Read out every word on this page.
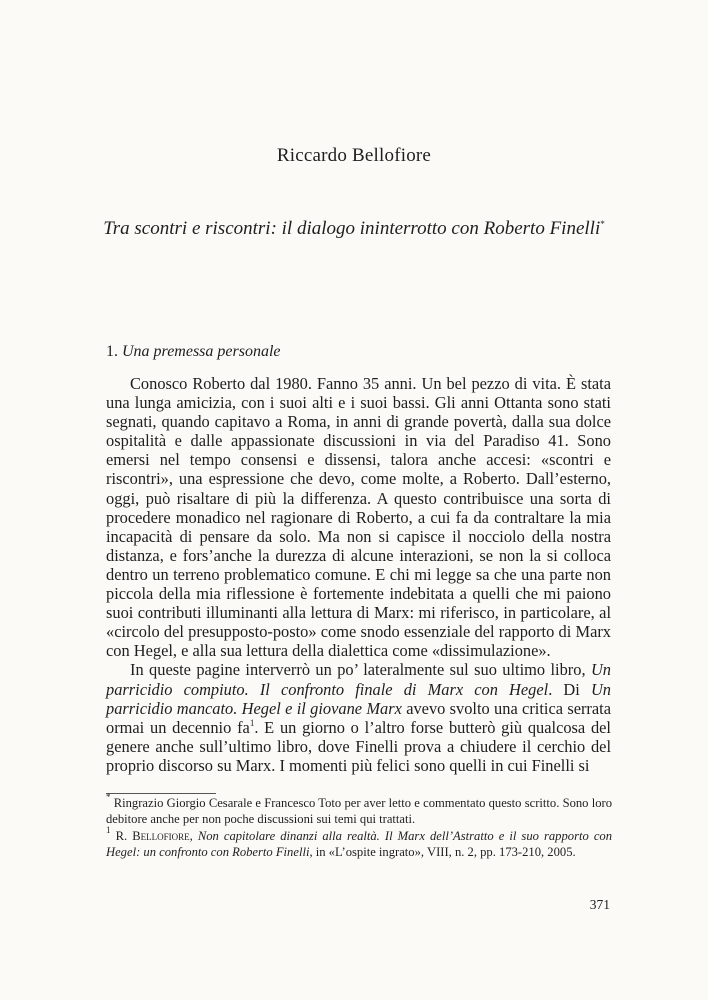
Riccardo Bellofiore
Tra scontri e riscontri: il dialogo ininterrotto con Roberto Finelli*
1. Una premessa personale

Conosco Roberto dal 1980. Fanno 35 anni. Un bel pezzo di vita. È stata una lunga amicizia, con i suoi alti e i suoi bassi. Gli anni Ottanta sono stati segnati, quando capitavo a Roma, in anni di grande povertà, dalla sua dolce ospitalità e dalle appassionate discussioni in via del Paradiso 41. Sono emersi nel tempo consensi e dissensi, talora anche accesi: «scontri e riscontri», una espressione che devo, come molte, a Roberto. Dall’esterno, oggi, può risaltare di più la differenza. A questo contribuisce una sorta di procedere monadico nel ragionare di Roberto, a cui fa da contraltare la mia incapacità di pensare da solo. Ma non si capisce il nocciolo della nostra distanza, e fors’anche la durezza di alcune interazioni, se non la si colloca dentro un terreno problematico comune. E chi mi legge sa che una parte non piccola della mia riflessione è fortemente indebitata a quelli che mi paiono suoi contributi illuminanti alla lettura di Marx: mi riferisco, in particolare, al «circolo del presupposto-posto» come snodo essenziale del rapporto di Marx con Hegel, e alla sua lettura della dialettica come «dissimulazione».

In queste pagine interverrò un po’ lateralmente sul suo ultimo libro, Un parricidio compiuto. Il confronto finale di Marx con Hegel. Di Un parricidio mancato. Hegel e il giovane Marx avevo svolto una critica serrata ormai un decennio $fa^1$. E un giorno o l’altro forse butterò giù qualcosa del genere anche sull’ultimo libro, dove Finelli prova a chiudere il cerchio del proprio discorso su Marx. I momenti più felici sono quelli in cui Finelli si

* Ringrazio Giorgio Cesarale e Francesco Toto per aver letto e commentato questo scritto. Sono loro debitore anche per non poche discussioni sui temi qui trattati.
$^1$ R. Bellofiore, Non capitolare dinanzi alla realtà. Il Marx dell’Astratto e il suo rapporto con Hegel: un confronto con Roberto Finelli, in «L’ospite ingrato», VIII, n. 2, pp. 173-210, 2005.
371
